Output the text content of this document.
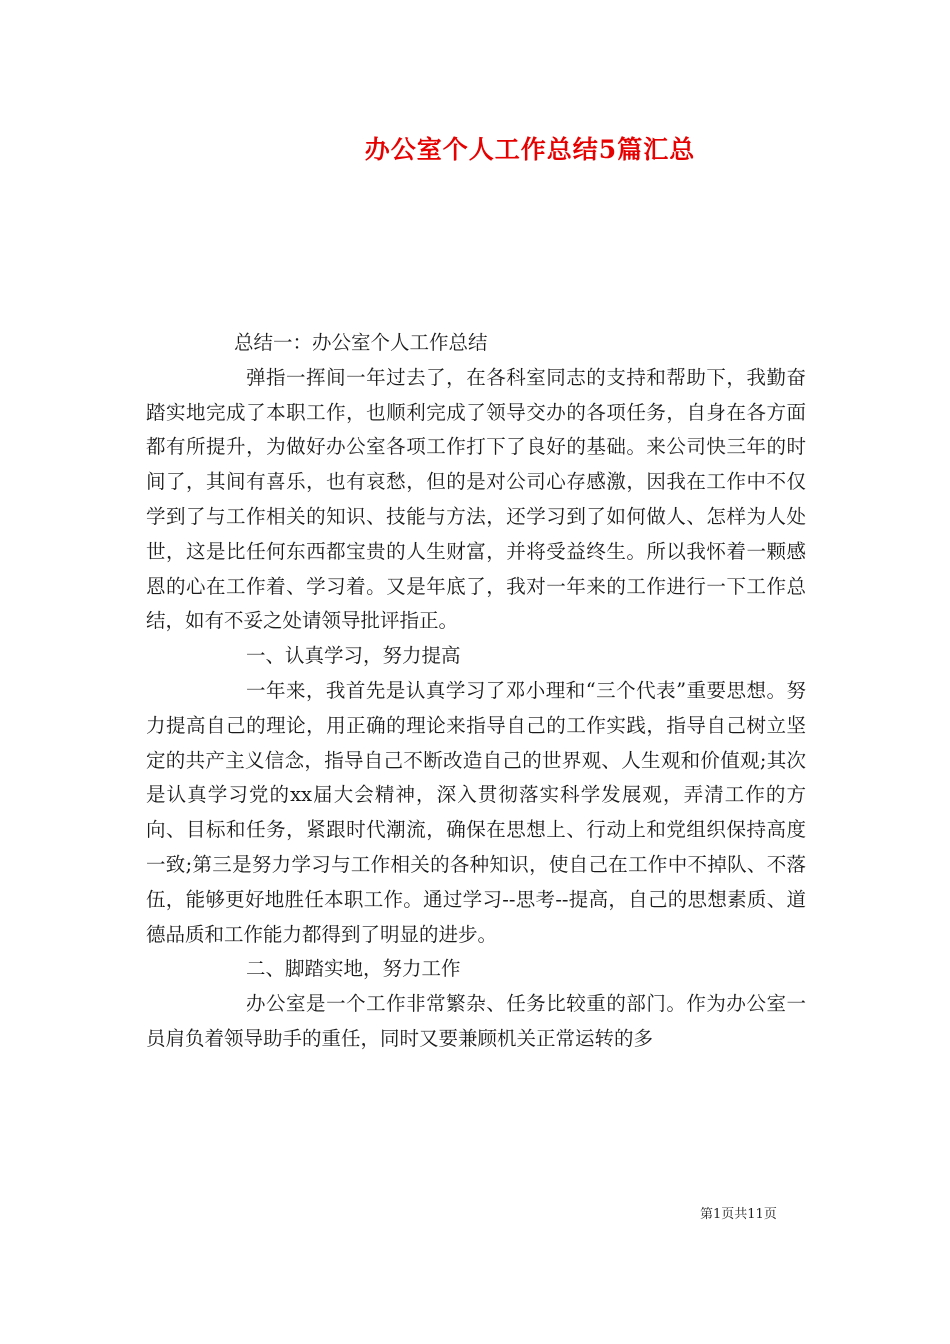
办公室个人工作总结5篇汇总

总结一：办公室个人工作总结

弹指一挥间一年过去了，在各科室同志的支持和帮助下，我勤奋踏实地完成了本职工作，也顺利完成了领导交办的各项任务，自身在各方面都有所提升，为做好办公室各项工作打下了良好的基础。来公司快三年的时间了，其间有喜乐，也有哀愁，但的是对公司心存感激，因我在工作中不仅学到了与工作相关的知识、技能与方法，还学习到了如何做人、怎样为人处世，这是比任何东西都宝贵的人生财富，并将受益终生。所以我怀着一颗感恩的心在工作着、学习着。又是年底了，我对一年来的工作进行一下工作总结，如有不妥之处请领导批评指正。

一、认真学习，努力提高

一年来，我首先是认真学习了邓小理和“三个代表”重要思想。努力提高自己的理论，用正确的理论来指导自己的工作实践，指导自己树立坚定的共产主义信念，指导自己不断改造自己的世界观、人生观和价值观;其次是认真学习党的xx届大会精神，深入贯彻落实科学发展观，弄清工作的方向、目标和任务，紧跟时代潮流，确保在思想上、行动上和党组织保持高度一致;第三是努力学习与工作相关的各种知识，使自己在工作中不掉队、不落伍，能够更好地胜任本职工作。通过学习--思考--提高，自己的思想素质、道德品质和工作能力都得到了明显的进步。

二、脚踏实地，努力工作

办公室是一个工作非常繁杂、任务比较重的部门。作为办公室一员肩负着领导助手的重任，同时又要兼顾机关正常运转的多

第1页共11页
